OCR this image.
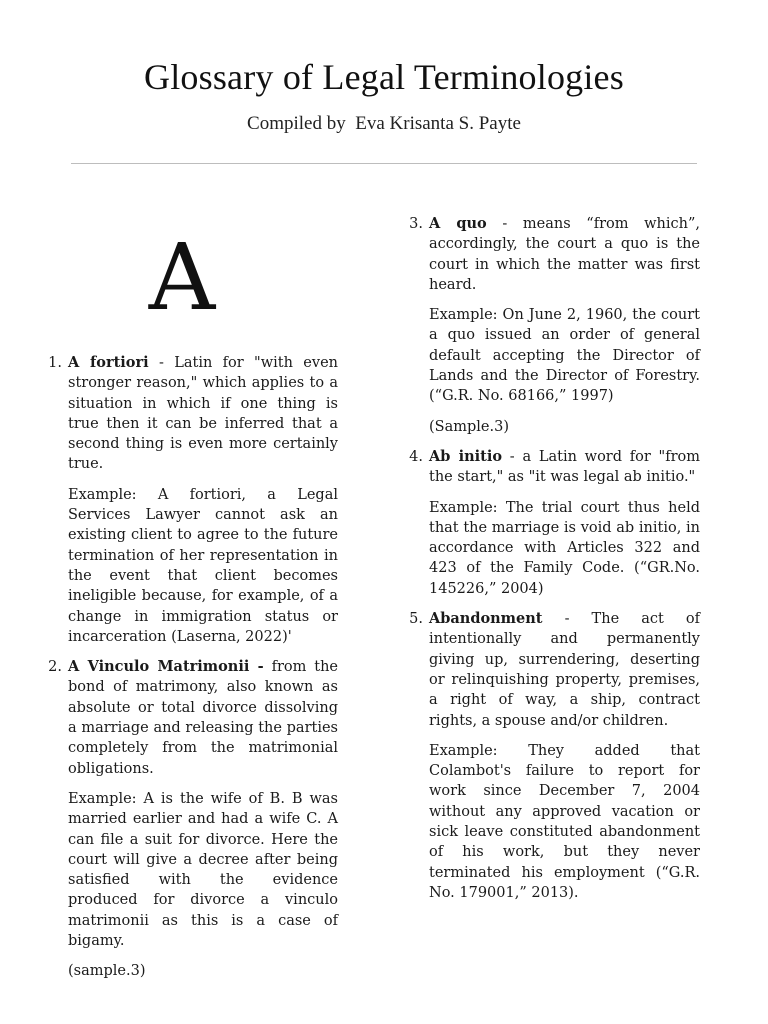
Glossary of Legal Terminologies
Compiled by  Eva Krisanta S. Payte
A
1. A fortiori - Latin for "with even stronger reason," which applies to a situation in which if one thing is true then it can be inferred that a second thing is even more certainly true.

Example: A fortiori, a Legal Services Lawyer cannot ask an existing client to agree to the future termination of her representation in the event that client becomes ineligible because, for example, of a change in immigration status or incarceration (Laserna, 2022)'

2. A Vinculo Matrimonii - from the bond of matrimony, also known as absolute or total divorce dissolving a marriage and releasing the parties completely from the matrimonial obligations.

Example: A is the wife of B. B was married earlier and had a wife C. A can file a suit for divorce. Here the court will give a decree after being satisfied with the evidence produced for divorce a vinculo matrimonii as this is a case of bigamy.

(sample.3)

3. A quo - means “from which”, accordingly, the court a quo is the court in which the matter was first heard.

Example: On June 2, 1960, the court a quo issued an order of general default accepting the Director of Lands and the Director of Forestry. (“G.R. No. 68166,” 1997)

(Sample.3)

4. Ab initio - a Latin word for "from the start," as "it was legal ab initio."

Example: The trial court thus held that the marriage is void ab initio, in accordance with Articles 322 and 423 of the Family Code. (“GR.No. 145226,” 2004)

5. Abandonment - The act of intentionally and permanently giving up, surrendering, deserting or relinquishing property, premises, a right of way, a ship, contract rights, a spouse and/or children.

Example: They added that Colambot's failure to report for work since December 7, 2004 without any approved vacation or sick leave constituted abandonment of his work, but they never terminated his employment (“G.R. No. 179001,” 2013).
